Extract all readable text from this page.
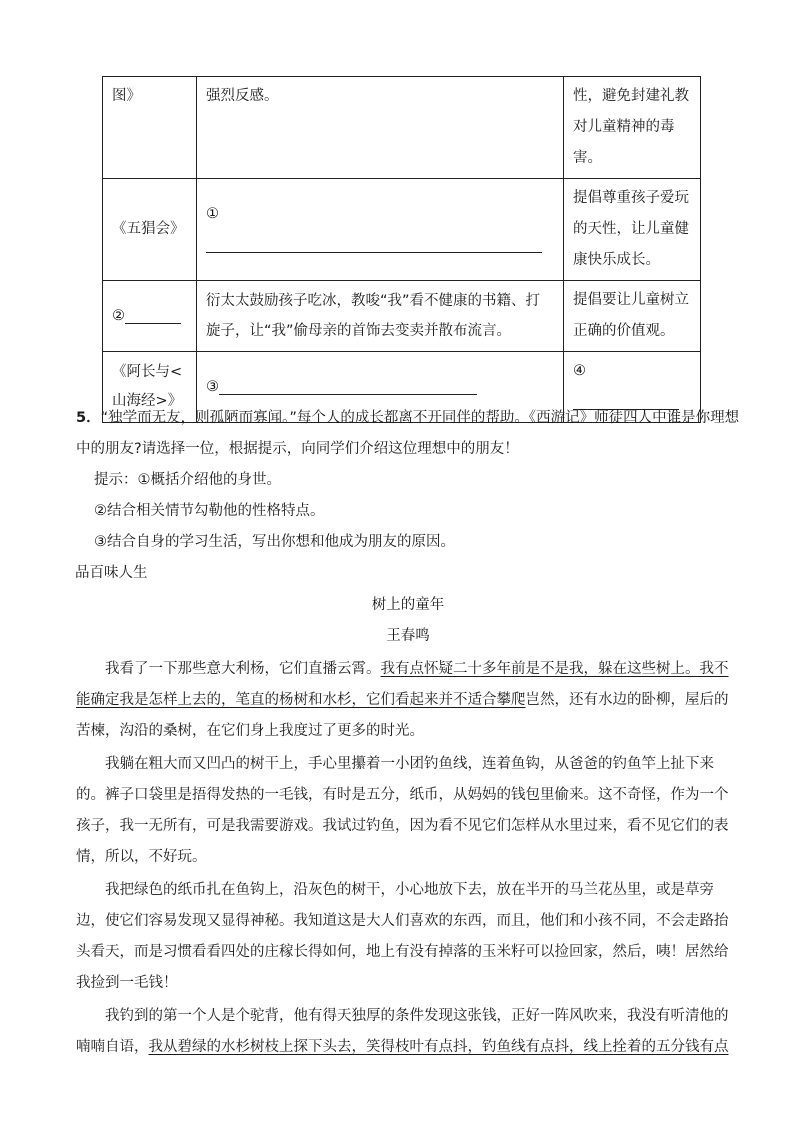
图》	强烈反感。	性，避免封建礼教对儿童精神的毒害。
《五猖会》	①	提倡尊重孩子爱玩的天性，让儿童健康快乐成长。
②	衍太太鼓励孩子吃冰，教唆“我”看不健康的书籍、打旋子，让“我”偷母亲的首饰去变卖并散布流言。	提倡要让儿童树立正确的价值观。
《阿长与<山海经>》	③	④

5．“独学而无友，则孤陋而寡闻。”每个人的成长都离不开同伴的帮助。《西游记》师徒四人中谁是你理想中的朋友?请选择一位，根据提示，向同学们介绍这位理想中的朋友！

提示：①概括介绍他的身世。

②结合相关情节勾勒他的性格特点。

③结合自身的学习生活，写出你想和他成为朋友的原因。

品百味人生

树上的童年

王春鸣

我看了一下那些意大利杨，它们直播云霄。我有点怀疑二十多年前是不是我，躲在这些树上。我不能确定我是怎样上去的，笔直的杨树和水杉，它们看起来并不适合攀爬岂然，还有水边的卧柳，屋后的苦楝，沟沿的桑树，在它们身上我度过了更多的时光。

我躺在粗大而又凹凸的树干上，手心里攥着一小团钓鱼线，连着鱼钩，从爸爸的钓鱼竿上扯下来的。裤子口袋里是捂得发热的一毛钱，有时是五分，纸币，从妈妈的钱包里偷来。这不奇怪，作为一个孩子，我一无所有，可是我需要游戏。我试过钓鱼，因为看不见它们怎样从水里过来，看不见它们的表情，所以，不好玩。

我把绿色的纸币扎在鱼钩上，沿灰色的树干，小心地放下去，放在半开的马兰花丛里，或是草旁边，使它们容易发现又显得神秘。我知道这是大人们喜欢的东西，而且，他们和小孩不同，不会走路抬头看天，而是习惯看看四处的庄稼长得如何，地上有没有掉落的玉米籽可以捡回家，然后，咦！居然给我捡到一毛钱！

我钓到的第一个人是个驼背，他有得天独厚的条件发现这张钱，正好一阵风吹来，我没有听清他的喃喃自语，我从碧绿的水杉树枝上探下头去，笑得枝叶有点抖，钓鱼线有点抖，线上拴着的五分钱有点
